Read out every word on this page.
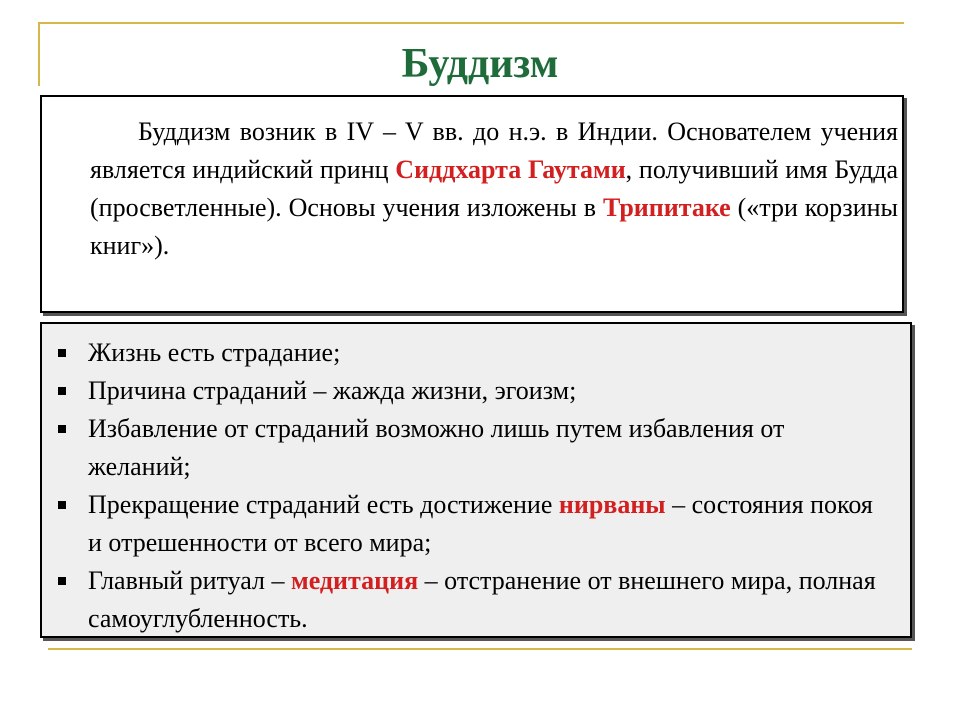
Буддизм
Буддизм возник в IV – V вв. до н.э. в Индии. Основателем учения является индийский принц Сиддхарта Гаутами, получивший имя Будда (просветленные). Основы учения изложены в Трипитаке («три корзины книг»).
Жизнь есть страдание;
Причина страданий – жажда жизни, эгоизм;
Избавление от страданий возможно лишь путем избавления от желаний;
Прекращение страданий есть достижение нирваны – состояния покоя и отрешенности от всего мира;
Главный ритуал – медитация – отстранение от внешнего мира, полная самоуглубленность.
